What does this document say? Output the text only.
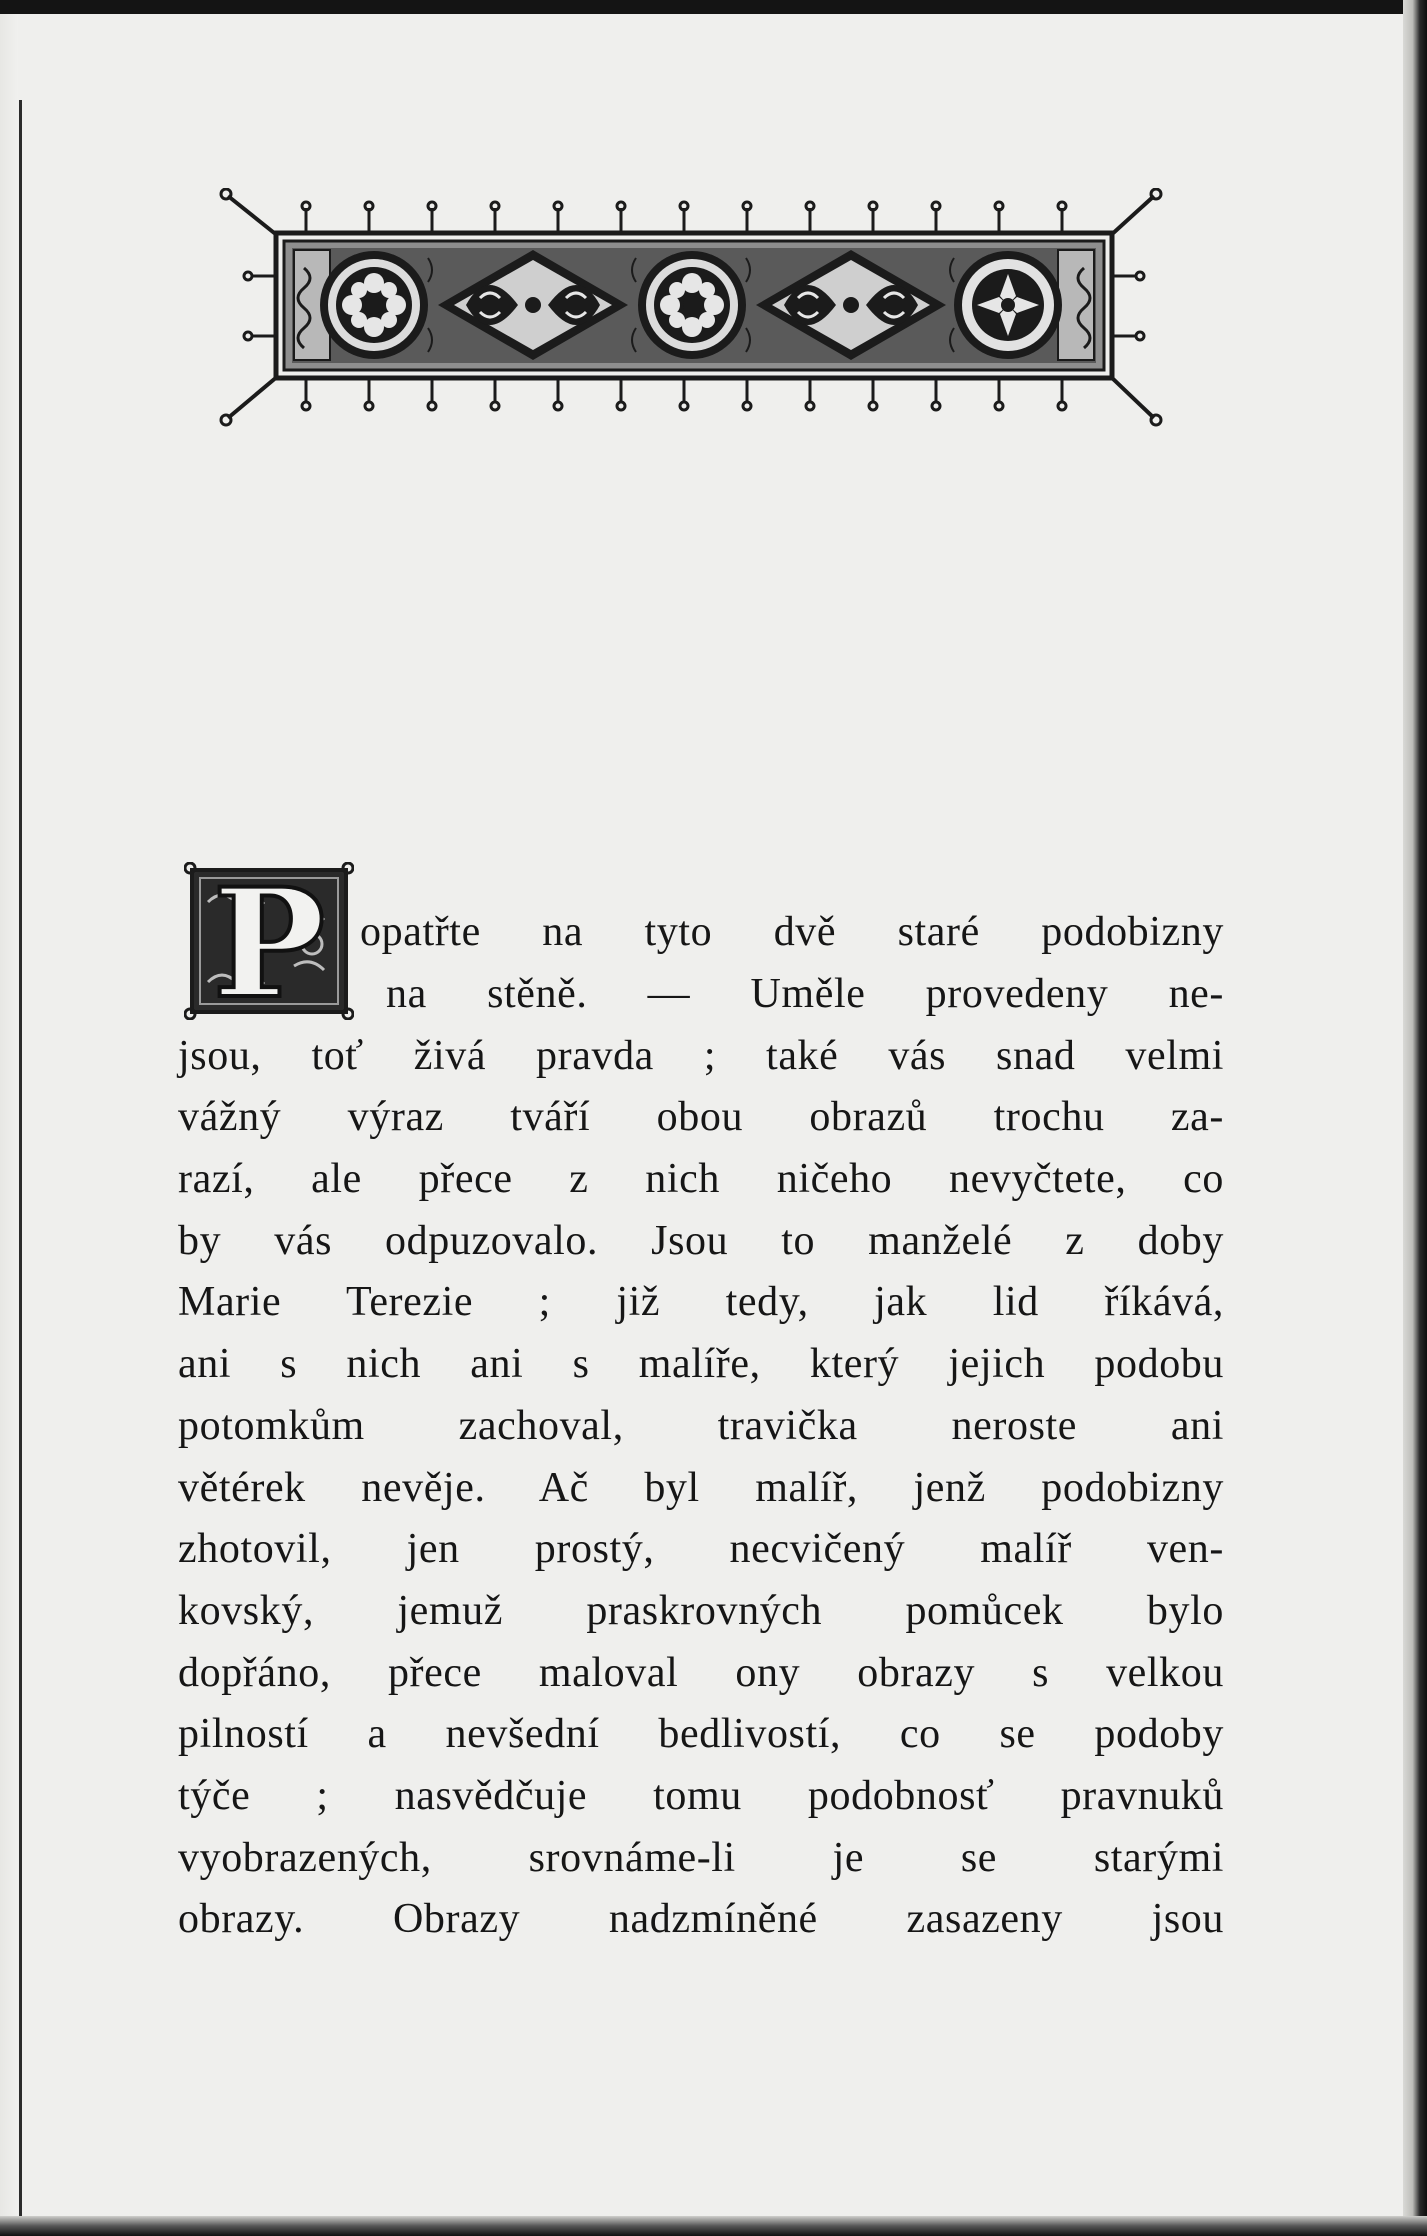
P opatřte na tyto dvě staré podobizny
na stěně. — Uměle provedeny ne-
jsou, toť živá pravda ; také vás snad velmi
vážný výraz tváří obou obrazů trochu za-
razí, ale přece z nich ničeho nevyčtete, co
by vás odpuzovalo. Jsou to manželé z doby
Marie Terezie ; již tedy, jak lid říkává,
ani s nich ani s malíře, který jejich podobu
potomkům zachoval, travička neroste ani
větérek nevěje. Ač byl malíř, jenž podobizny
zhotovil, jen prostý, necvičený malíř ven-
kovský, jemuž praskrovných pomůcek bylo
dopřáno, přece maloval ony obrazy s velkou
pilností a nevšední bedlivostí, co se podoby
týče ; nasvědčuje tomu podobnosť pravnuků
vyobrazených, srovnáme-li je se starými
obrazy. Obrazy nadzmíněné zasazeny jsou
